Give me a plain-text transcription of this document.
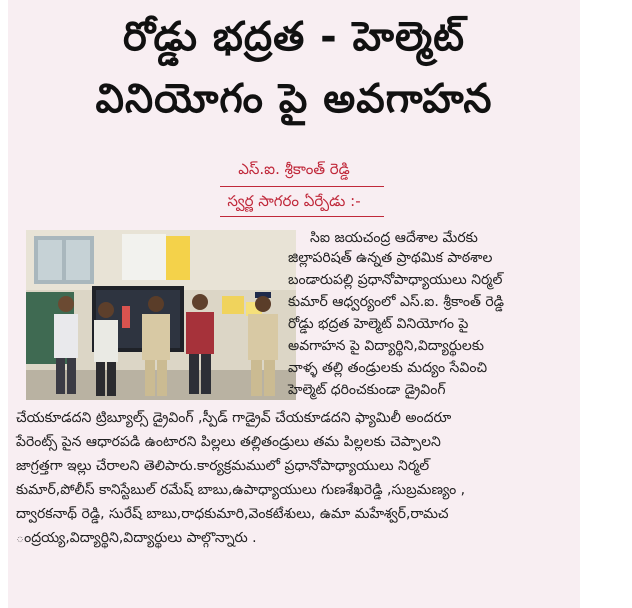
రోడ్డు భద్రత - హెల్మెట్
వినియోగం పై అవగాహన
ఎస్.ఐ. శ్రీకాంత్ రెడ్డి
స్వర్ణ సాగరం ఏర్పేడు :-
సిఐ జయచంద్ర ఆదేశాల మేరకు
జిల్లాపరిషత్ ఉన్నత ప్రాథమిక పాఠశాల
బండారుపల్లి ప్రధానోపాధ్యాయులు నిర్మల్
కుమార్ ఆధ్వర్యంలో ఎస్.ఐ. శ్రీకాంత్ రెడ్డి
రోడ్డు భద్రత హెల్మెట్ వినియోగం పై
అవగాహన పై విద్యార్థిని,విద్యార్థులకు
వాళ్ళ తల్లి తండ్రులకు మద్యం సేవించి
హెల్మెట్ ధరించకుండా డ్రైవింగ్
చేయకూడదని ట్రిబ్యూల్స్ డ్రైవింగ్ ,స్పీడ్ గాడ్రైవ్ చేయకూడదని ఫ్యామిలీ అందరూ
పేరెంట్స్ పైన ఆధారపడి ఉంటారని పిల్లలు తల్లితండ్రులు తమ పిల్లలకు చెప్పాలని
జాగ్రత్తగా ఇల్లు చేరాలని తెలిపారు.కార్యక్రమములో ప్రధానోపాధ్యాయులు నిర్మల్
కుమార్,పోలీస్ కానిస్టేబుల్ రమేష్ బాబు,ఉపాధ్యాయులు గుణశేఖరెడ్డి ,సుబ్రమణ్యం ,
ద్వారకనాథ్ రెడ్డి, సురేష్ బాబు,రాధకుమారి,వెంకటేశులు, ఉమా మహేశ్వర్,రామచ
ంద్రయ్య,విద్యార్థిని,విద్యార్థులు పాల్గొన్నారు .
